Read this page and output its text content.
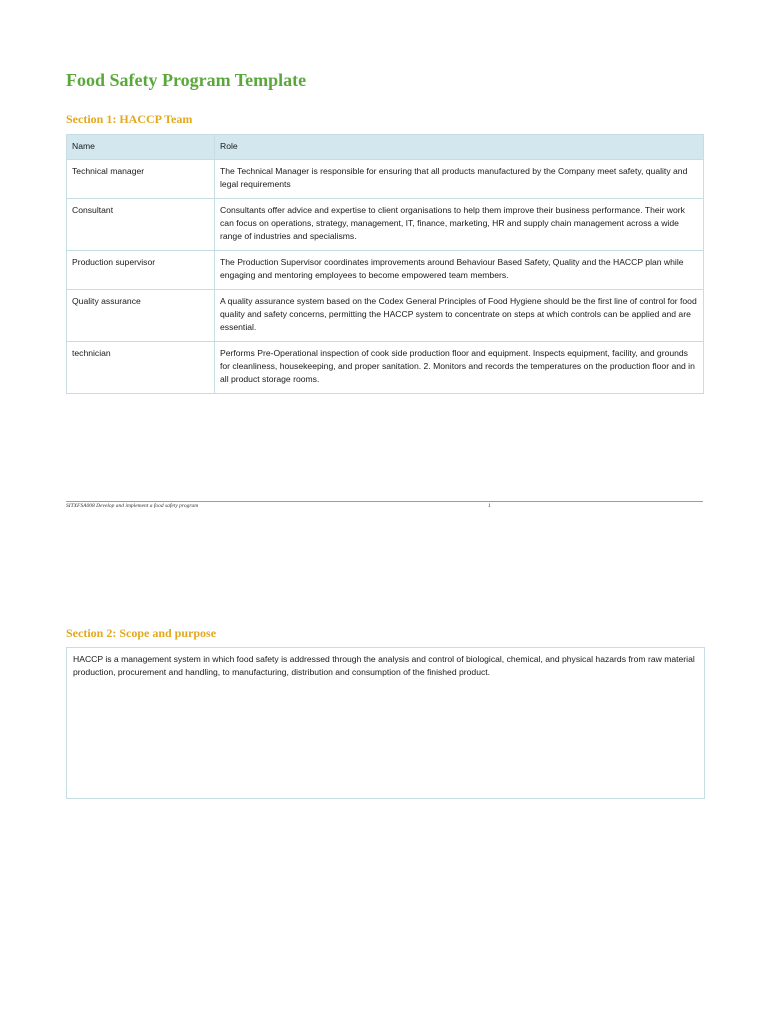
Food Safety Program Template
Section 1: HACCP Team
Name	Role
Technical manager	The Technical Manager is responsible for ensuring that all products manufactured by the Company meet safety, quality and legal requirements
Consultant	Consultants offer advice and expertise to client organisations to help them improve their business performance. Their work can focus on operations, strategy, management, IT, finance, marketing, HR and supply chain management across a wide range of industries and specialisms.
Production supervisor	The Production Supervisor coordinates improvements around Behaviour Based Safety, Quality and the HACCP plan while engaging and mentoring employees to become empowered team members.
Quality assurance	A quality assurance system based on the Codex General Principles of Food Hygiene should be the first line of control for food quality and safety concerns, permitting the HACCP system to concentrate on steps at which controls can be applied and are essential.
technician	Performs Pre-Operational inspection of cook side production floor and equipment. Inspects equipment, facility, and grounds for cleanliness, housekeeping, and proper sanitation. 2. Monitors and records the temperatures on the production floor and in all product storage rooms.
SITXFSA008 Develop and implement a food safety program	1
Section 2: Scope and purpose
HACCP is a management system in which food safety is addressed through the analysis and control of biological, chemical, and physical hazards from raw material production, procurement and handling, to manufacturing, distribution and consumption of the finished product.
